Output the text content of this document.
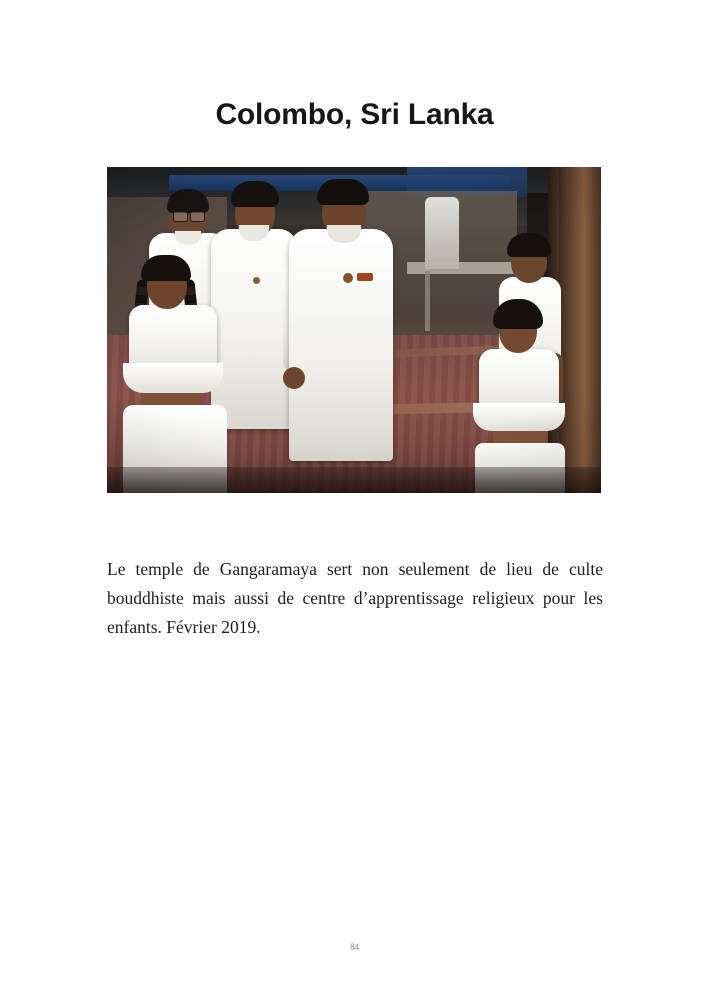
Colombo, Sri Lanka

Le temple de Gangaramaya sert non seulement de lieu de culte bouddhiste mais aussi de centre d’apprentissage religieux pour les enfants. Février 2019.

84
